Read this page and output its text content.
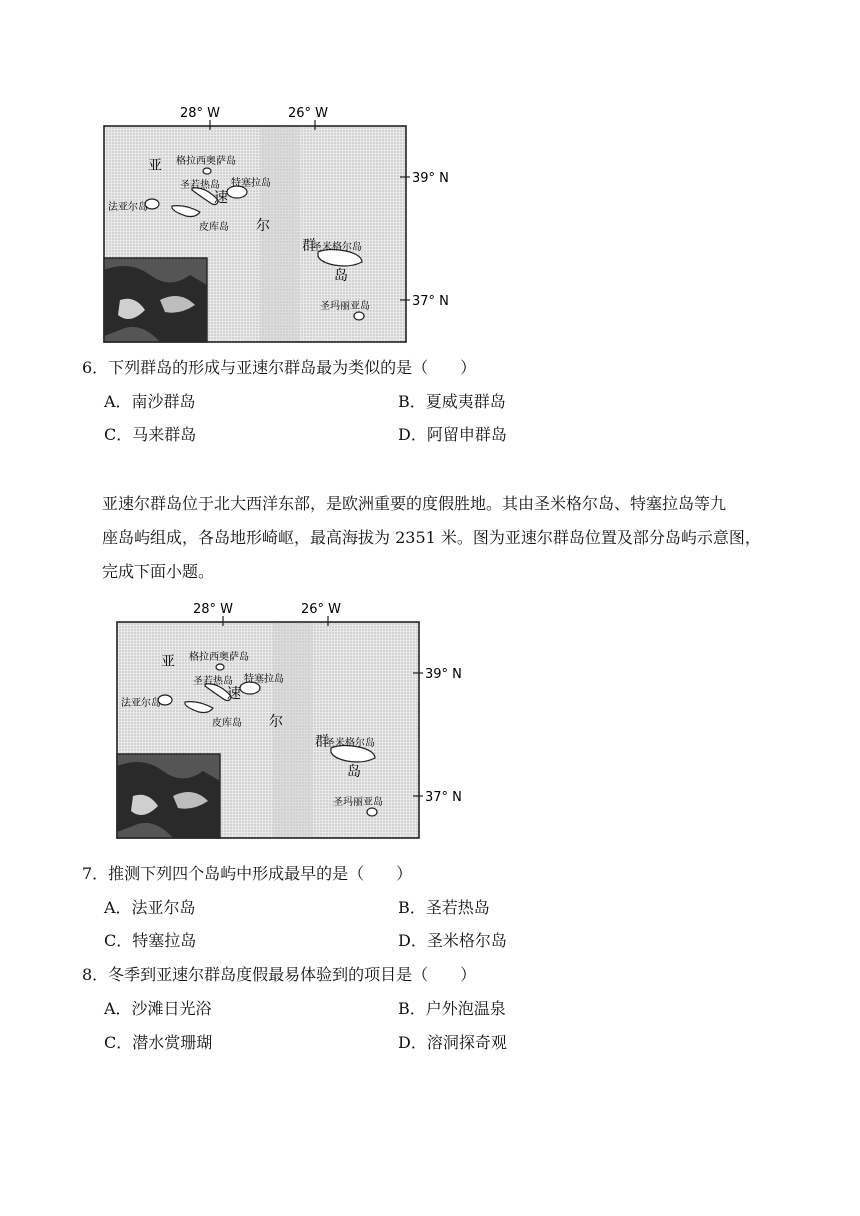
28° W	26° W
39° N
37° N
格拉西奥萨岛
圣若热岛 特塞拉岛
法亚尔岛
皮库岛
圣米格尔岛
圣玛丽亚岛
亚
速
尔
群
岛
6．下列群岛的形成与亚速尔群岛最为类似的是（　　）
A．南沙群岛	B．夏威夷群岛
C．马来群岛	D．阿留申群岛

亚速尔群岛位于北大西洋东部，是欧洲重要的度假胜地。其由圣米格尔岛、特塞拉岛等九

座岛屿组成，各岛地形崎岖，最高海拔为 2351 米。图为亚速尔群岛位置及部分岛屿示意图，

完成下面小题。

28° W	26° W
39° N
37° N
格拉西奥萨岛
圣若热岛 特塞拉岛
法亚尔岛
皮库岛
圣米格尔岛
圣玛丽亚岛
亚
速
尔
群
岛
7．推测下列四个岛屿中形成最早的是（　　）
A．法亚尔岛	B．圣若热岛
C．特塞拉岛	D．圣米格尔岛
8．冬季到亚速尔群岛度假最易体验到的项目是（　　）
A．沙滩日光浴	B．户外泡温泉
C．潜水赏珊瑚	D．溶洞探奇观
